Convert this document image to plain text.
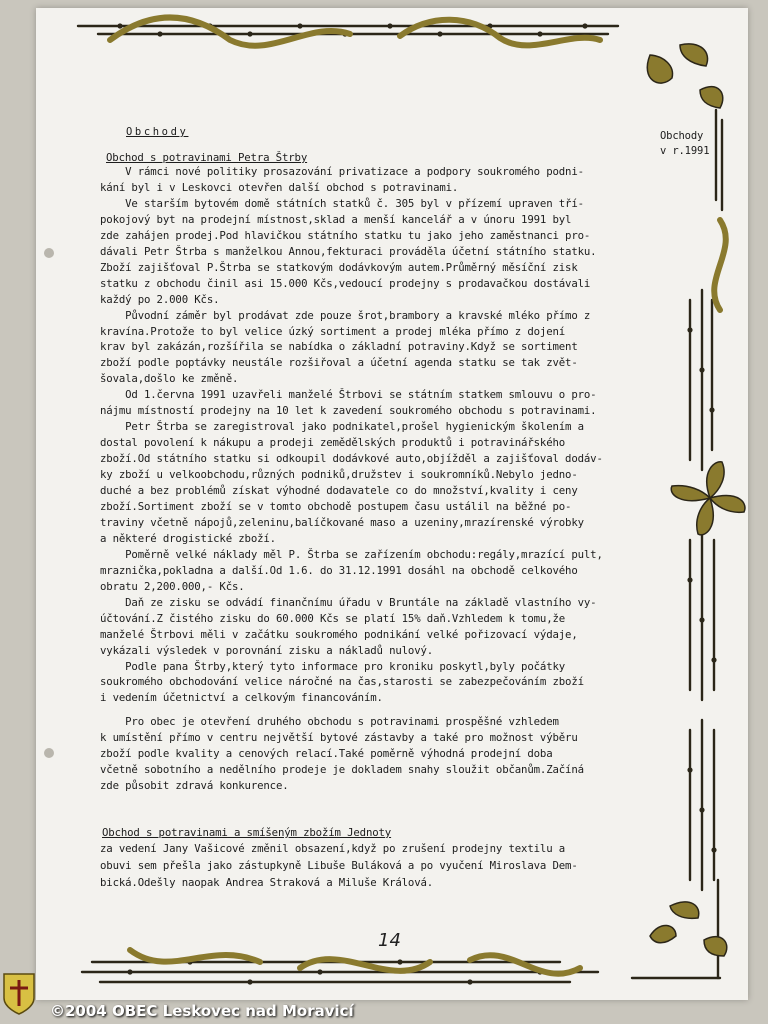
Obchody	Obchody
v r.1991
Obchod s potravinami Petra Štrby
V rámci nové politiky prosazování privatizace a podpory soukromého podni-
kání byl i v Leskovci otevřen další obchod s potravinami.
Ve starším bytovém domě státních statků č. 305 byl v přízemí upraven tří-
pokojový byt na prodejní místnost,sklad a menší kancelář a v únoru 1991 byl
zde zahájen prodej.Pod hlavičkou státního statku tu jako jeho zaměstnanci pro-
dávali Petr Štrba s manželkou Annou,fekturaci prováděla účetní státního statku.
Zboží zajišťoval P.Štrba se statkovým dodávkovým autem.Průměrný měsíční zisk
statku z obchodu činil asi 15.000 Kčs,vedoucí prodejny s prodavačkou dostávali
každý po 2.000 Kčs.
Původní záměr byl prodávat zde pouze šrot,brambory a kravské mléko přímo z
kravína.Protože to byl velice úzký sortiment a prodej mléka přímo z dojení
krav byl zakázán,rozšířila se nabídka o základní potraviny.Když se sortiment
zboží podle poptávky neustále rozšiřoval a účetní agenda statku se tak zvět-
šovala,došlo ke změně.
Od 1.června 1991 uzavřeli manželé Štrbovi se státním statkem smlouvu o pro-
nájmu místností prodejny na 10 let k zavedení soukromého obchodu s potravinami.
Petr Štrba se zaregistroval jako podnikatel,prošel hygienickým školením a
dostal povolení k nákupu a prodeji zemědělských produktů i potravinářského
zboží.Od státního statku si odkoupil dodávkové auto,objížděl a zajišťoval dodáv-
ky zboží u velkoobchodu,různých podniků,družstev i soukromníků.Nebylo jedno-
duché a bez problémů získat výhodné dodavatele co do množství,kvality i ceny
zboží.Sortiment zboží se v tomto obchodě postupem času ustálil na běžné po-
traviny včetně nápojů,zeleninu,balíčkované maso a uzeniny,mrazírenské výrobky
a některé drogistické zboží.
Poměrně velké náklady měl P. Štrba se zařízením obchodu:regály,mrazící pult,
mraznička,pokladna a další.Od 1.6. do 31.12.1991 dosáhl na obchodě celkového
obratu 2,200.000,- Kčs.
Daň ze zisku se odvádí finančnímu úřadu v Bruntále na základě vlastního vy-
účtování.Z čistého zisku do 60.000 Kčs se platí 15% daň.Vzhledem k tomu,že
manželé Štrbovi měli v začátku soukromého podnikání velké pořizovací výdaje,
vykázali výsledek v porovnání zisku a nákladů nulový.
Podle pana Štrby,který tyto informace pro kroniku poskytl,byly počátky
soukromého obchodování velice náročné na čas,starosti se zabezpečováním zboží
i vedením účetnictví a celkovým financováním.
Pro obec je otevření druhého obchodu s potravinami prospěšné vzhledem
k umístění přímo v centru největší bytové zástavby a také pro možnost výběru
zboží podle kvality a cenových relací.Také poměrně výhodná prodejní doba
včetně sobotního a nedělního prodeje je dokladem snahy sloužit občanům.Začíná
zde působit zdravá konkurence.
Obchod s potravinami a smíšeným zbožím Jednoty
za vedení Jany Vašicové změnil obsazení,když po zrušení prodejny textilu a
obuvi sem přešla jako zástupkyně Libuše Buláková a po vyučení Miroslava Dem-
bická.Odešly naopak Andrea Straková a Miluše Králová.
14
©2004 OBEC Leskovec nad Moravicí
